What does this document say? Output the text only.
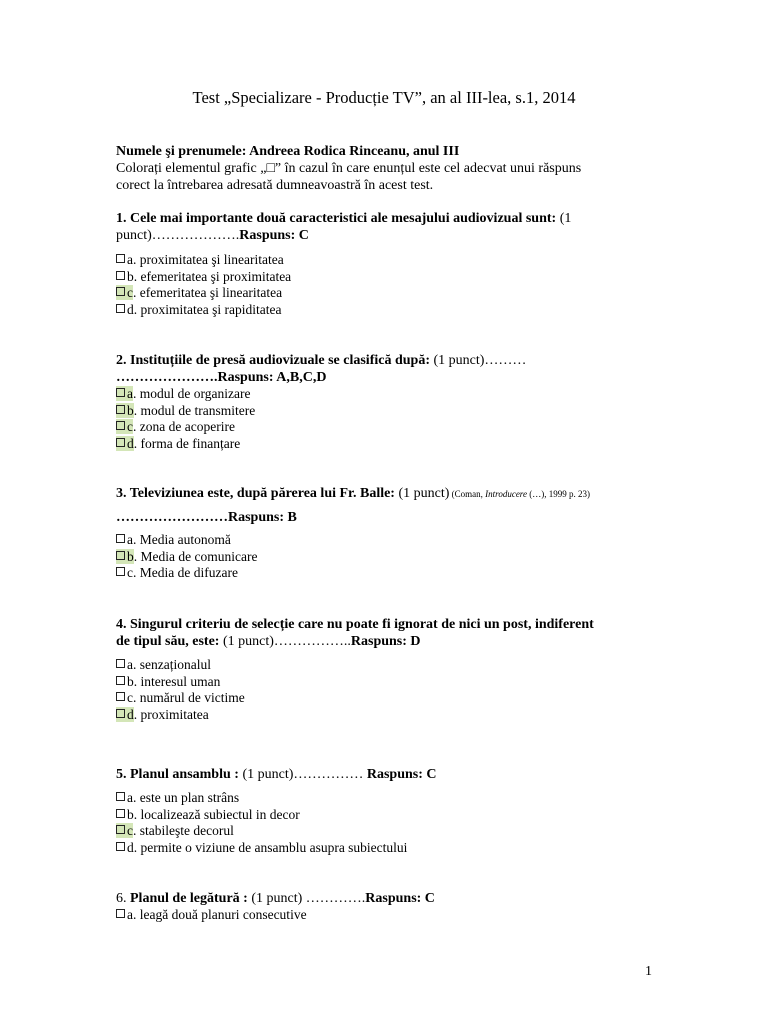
Test „Specializare - Producție TV”, an al III-lea, s.1, 2014
Numele şi prenumele: Andreea Rodica Rinceanu, anul III
Colorați elementul grafic „□” în cazul în care enunțul este cel adecvat unui răspuns
corect la întrebarea adresată dumneavoastră în acest test.
1. Cele mai importante două caracteristici ale mesajului audiovizual sunt: (1
punct)……………….Raspuns: C
a. proximitatea şi linearitatea
b. efemeritatea şi proximitatea
c. efemeritatea şi linearitatea
d. proximitatea şi rapiditatea
2. Instituțiile de presă audiovizuale se clasifică după: (1 punct)………
………………….Raspuns: A,B,C,D
a. modul de organizare
b. modul de transmitere
c. zona de acoperire
d. forma de finanțare
3. Televiziunea este, după părerea lui Fr. Balle: (1 punct) (Coman, Introducere (…), 1999 p. 23)
……………………Raspuns: B
a. Media autonomă
b. Media de comunicare
c. Media de difuzare
4. Singurul criteriu de selecție care nu poate fi ignorat de nici un post, indiferent
de tipul său, este: (1 punct)……………..Raspuns: D
a. senzaționalul
b. interesul uman
c. numărul de victime
d. proximitatea
5. Planul ansamblu : (1 punct)…………… Raspuns: C
a. este un plan strâns
b. localizează subiectul in decor
c. stabileşte decorul
d. permite o viziune de ansamblu asupra subiectului
6. Planul de legătură : (1 punct) ………….Raspuns: C
a. leagă două planuri consecutive
1
